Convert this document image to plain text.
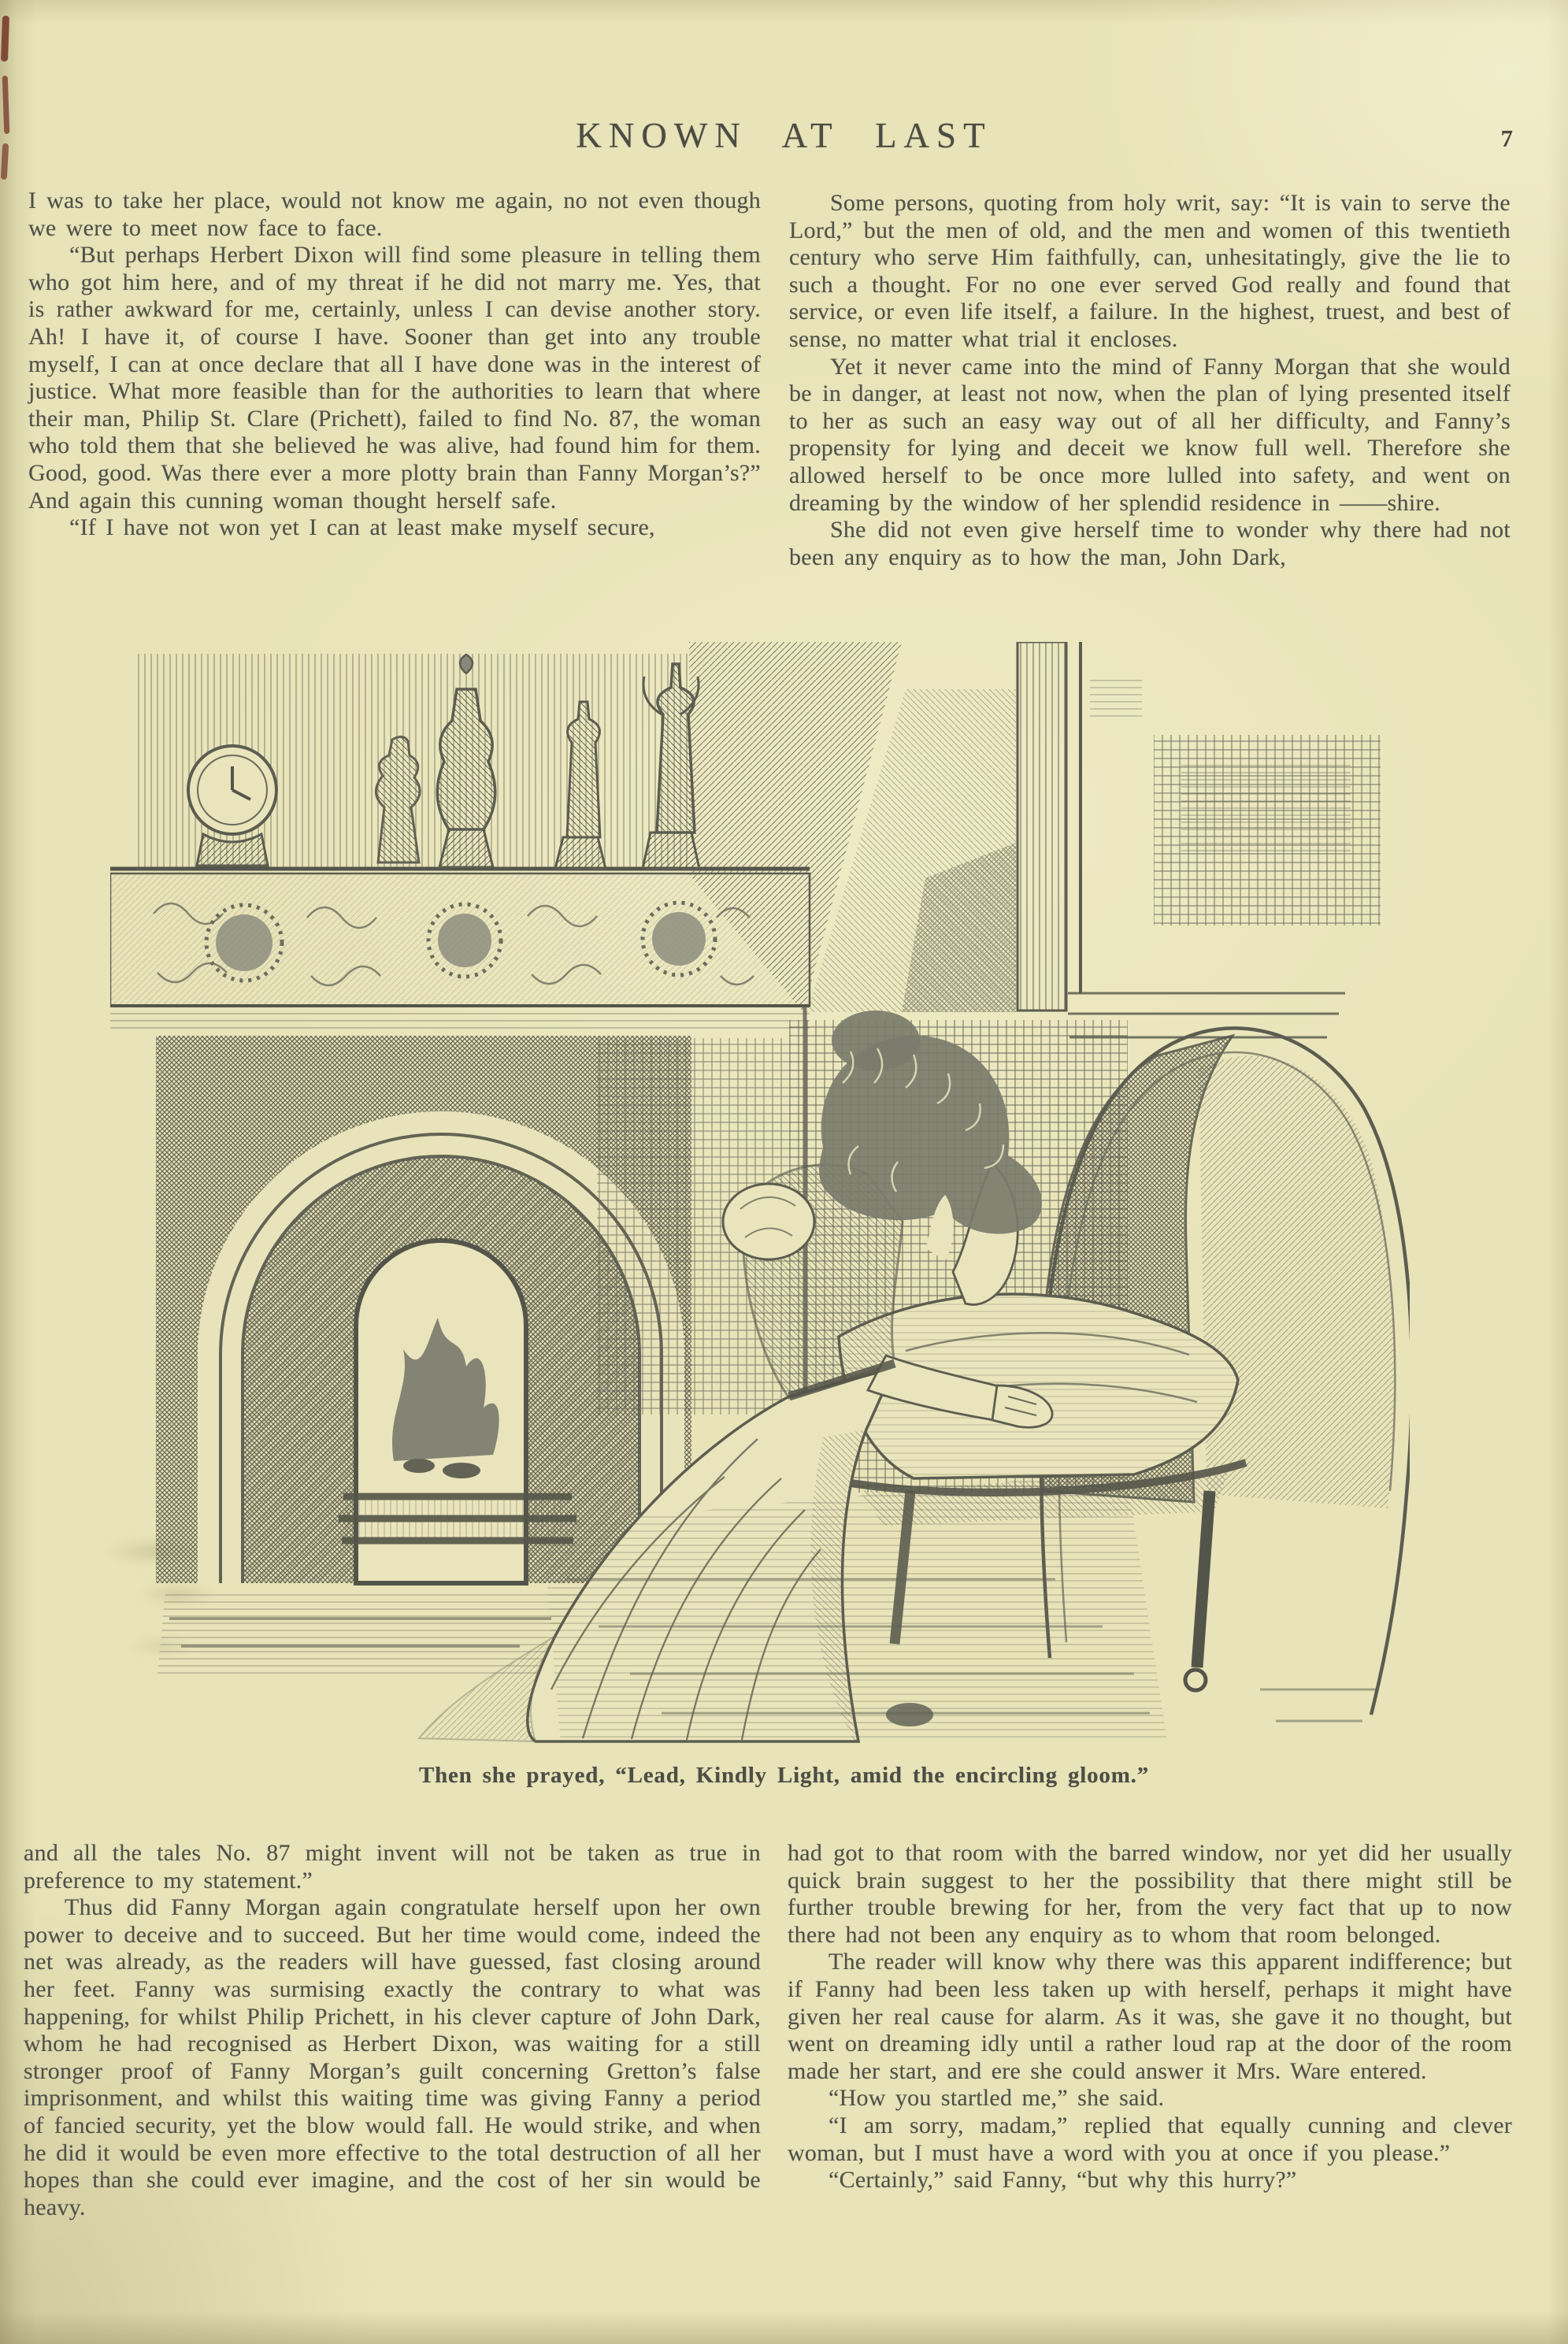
KNOWN AT LAST	7

I was to take her place, would not know me again, no not even though we were to meet now face to face.

“But perhaps Herbert Dixon will find some pleasure in telling them who got him here, and of my threat if he did not marry me. Yes, that is rather awkward for me, certainly, unless I can devise another story. Ah! I have it, of course I have. Sooner than get into any trouble myself, I can at once declare that all I have done was in the interest of justice. What more feasible than for the authorities to learn that where their man, Philip St. Clare (Prichett), failed to find No. 87, the woman who told them that she believed he was alive, had found him for them. Good, good. Was there ever a more plotty brain than Fanny Morgan’s?” And again this cunning woman thought herself safe.

“If I have not won yet I can at least make myself secure,

Some persons, quoting from holy writ, say: “It is vain to serve the Lord,” but the men of old, and the men and women of this twentieth century who serve Him faithfully, can, unhesitatingly, give the lie to such a thought. For no one ever served God really and found that service, or even life itself, a failure. In the highest, truest, and best of sense, no matter what trial it encloses.

Yet it never came into the mind of Fanny Morgan that she would be in danger, at least not now, when the plan of lying presented itself to her as such an easy way out of all her difficulty, and Fanny’s propensity for lying and deceit we know full well. Therefore she allowed herself to be once more lulled into safety, and went on dreaming by the window of her splendid residence in ——shire.

She did not even give herself time to wonder why there had not been any enquiry as to how the man, John Dark,

Then she prayed, “Lead, Kindly Light, amid the encircling gloom.”

and all the tales No. 87 might invent will not be taken as true in preference to my statement.”

Thus did Fanny Morgan again congratulate herself upon her own power to deceive and to succeed. But her time would come, indeed the net was already, as the readers will have guessed, fast closing around her feet. Fanny was surmising exactly the contrary to what was happening, for whilst Philip Prichett, in his clever capture of John Dark, whom he had recognised as Herbert Dixon, was waiting for a still stronger proof of Fanny Morgan’s guilt concerning Gretton’s false imprisonment, and whilst this waiting time was giving Fanny a period of fancied security, yet the blow would fall. He would strike, and when he did it would be even more effective to the total destruction of all her hopes than she could ever imagine, and the cost of her sin would be heavy.

had got to that room with the barred window, nor yet did her usually quick brain suggest to her the possibility that there might still be further trouble brewing for her, from the very fact that up to now there had not been any enquiry as to whom that room belonged.

The reader will know why there was this apparent indifference; but if Fanny had been less taken up with herself, perhaps it might have given her real cause for alarm. As it was, she gave it no thought, but went on dreaming idly until a rather loud rap at the door of the room made her start, and ere she could answer it Mrs. Ware entered.

“How you startled me,” she said.

“I am sorry, madam,” replied that equally cunning and clever woman, but I must have a word with you at once if you please.”

“Certainly,” said Fanny, “but why this hurry?”
